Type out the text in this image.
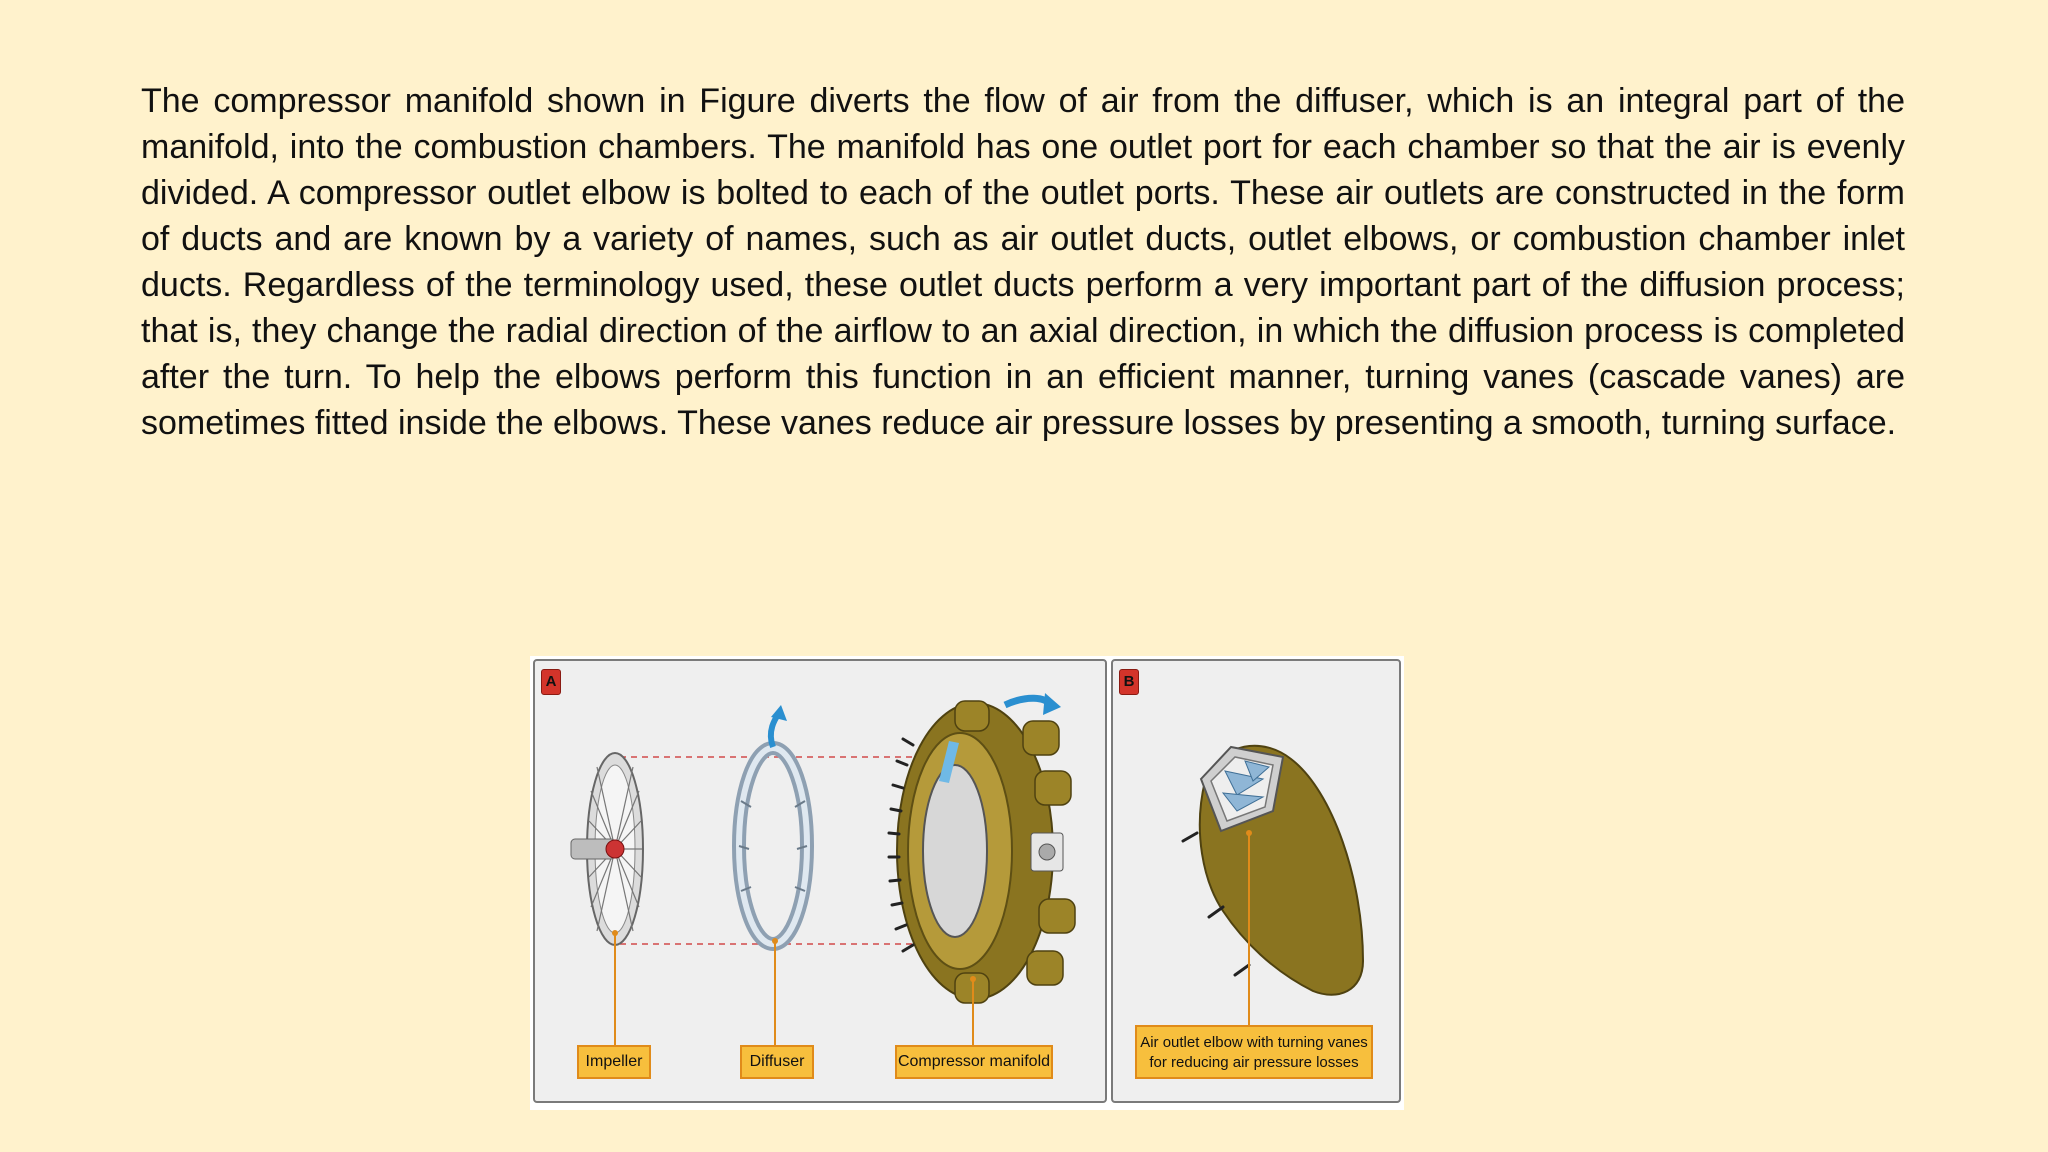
The compressor manifold shown in Figure diverts the flow of air from the diffuser, which is an integral part of the manifold, into the combustion chambers. The manifold has one outlet port for each chamber so that the air is evenly divided. A compressor outlet elbow is bolted to each of the outlet ports. These air outlets are constructed in the form of ducts and are known by a variety of names, such as air outlet ducts, outlet elbows, or combustion chamber inlet ducts. Regardless of the terminology used, these outlet ducts perform a very important part of the diffusion process; that is, they change the radial direction of the airflow to an axial direction, in which the diffusion process is completed after the turn. To help the elbows perform this function in an efficient manner, turning vanes (cascade vanes) are sometimes fitted inside the elbows. These vanes reduce air pressure losses by presenting a smooth, turning surface.

A
Impeller	Diffuser	Compressor manifold
B
Air outlet elbow with turning vanes
for reducing air pressure losses
